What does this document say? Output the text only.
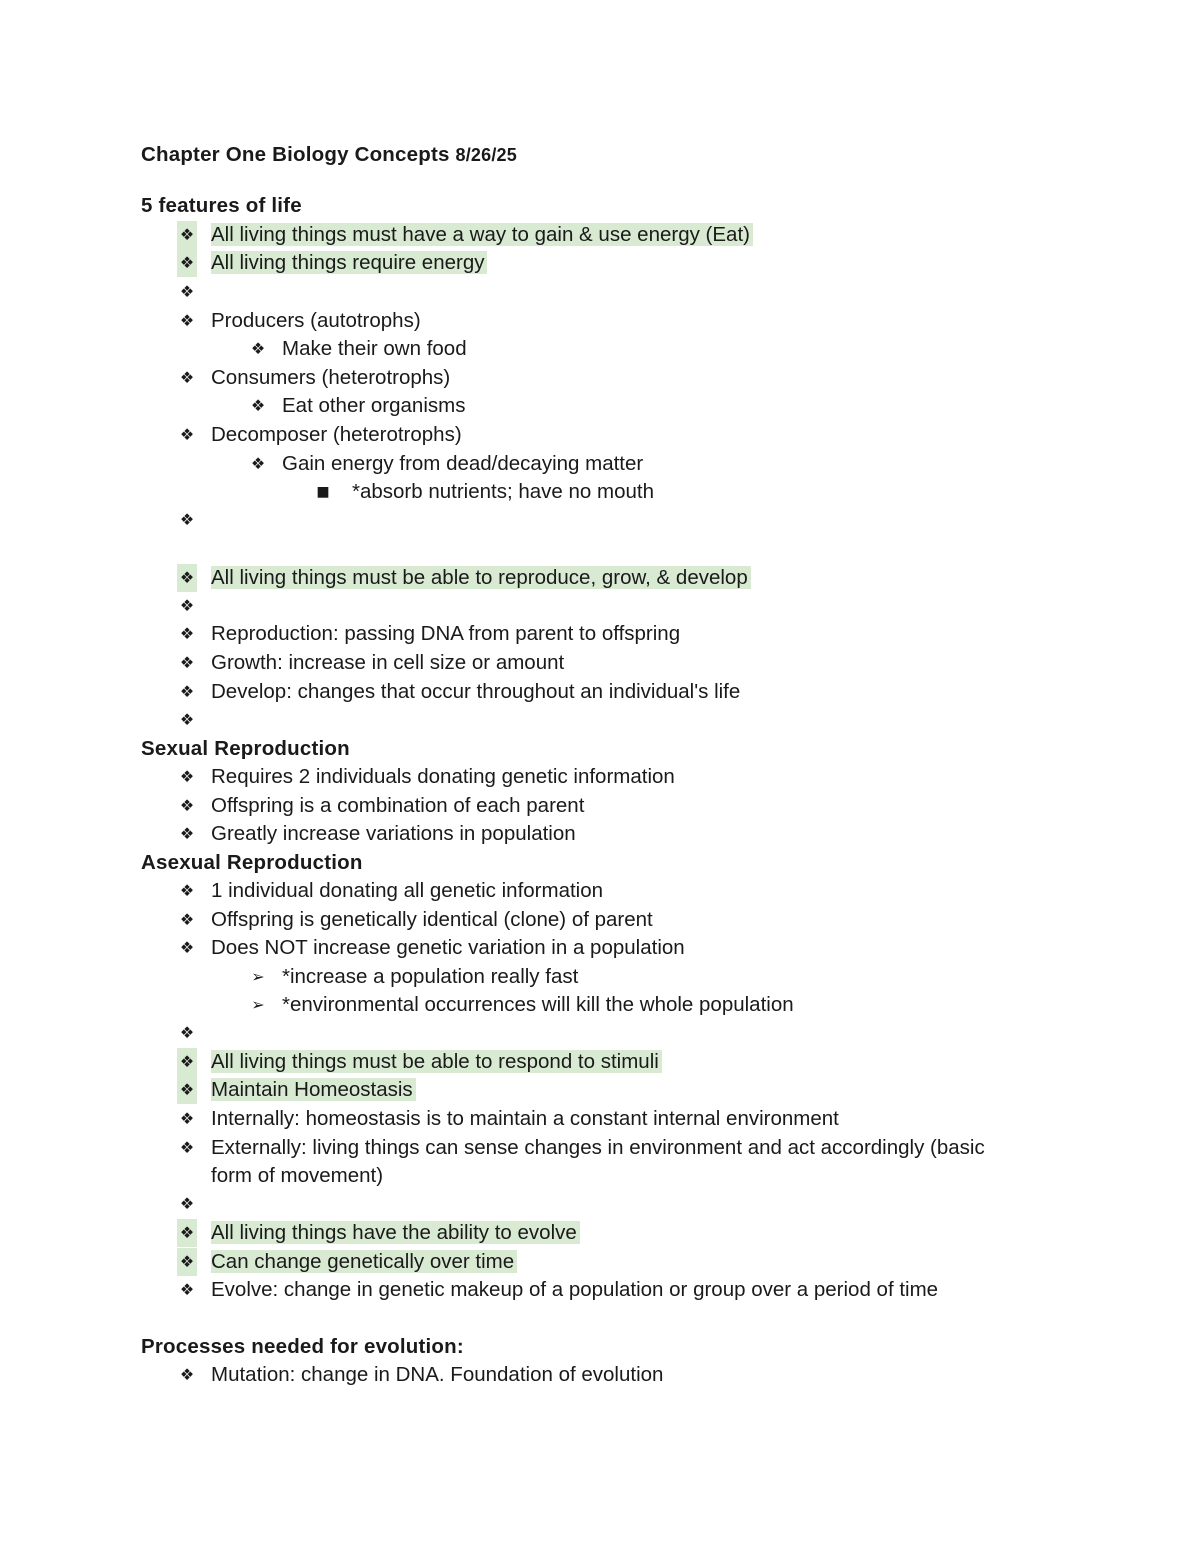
Chapter One Biology Concepts 8/26/25
5 features of life
❖ All living things must have a way to gain & use energy (Eat)
❖ All living things require energy
❖
❖ Producers (autotrophs)
❖ Make their own food
❖ Consumers (heterotrophs)
❖ Eat other organisms
❖ Decomposer (heterotrophs)
❖ Gain energy from dead/decaying matter
■ *absorb nutrients; have no mouth
❖
❖ All living things must be able to reproduce, grow, & develop
❖
❖ Reproduction: passing DNA from parent to offspring
❖ Growth: increase in cell size or amount
❖ Develop: changes that occur throughout an individual's life
❖
Sexual Reproduction
❖ Requires 2 individuals donating genetic information
❖ Offspring is a combination of each parent
❖ Greatly increase variations in population
Asexual Reproduction
❖ 1 individual donating all genetic information
❖ Offspring is genetically identical (clone) of parent
❖ Does NOT increase genetic variation in a population
➢ *increase a population really fast
➢ *environmental occurrences will kill the whole population
❖
❖ All living things must be able to respond to stimuli
❖ Maintain Homeostasis
❖ Internally: homeostasis is to maintain a constant internal environment
❖ Externally: living things can sense changes in environment and act accordingly (basic
form of movement)
❖
❖ All living things have the ability to evolve
❖ Can change genetically over time
❖ Evolve: change in genetic makeup of a population or group over a period of time
Processes needed for evolution:
❖ Mutation: change in DNA. Foundation of evolution
